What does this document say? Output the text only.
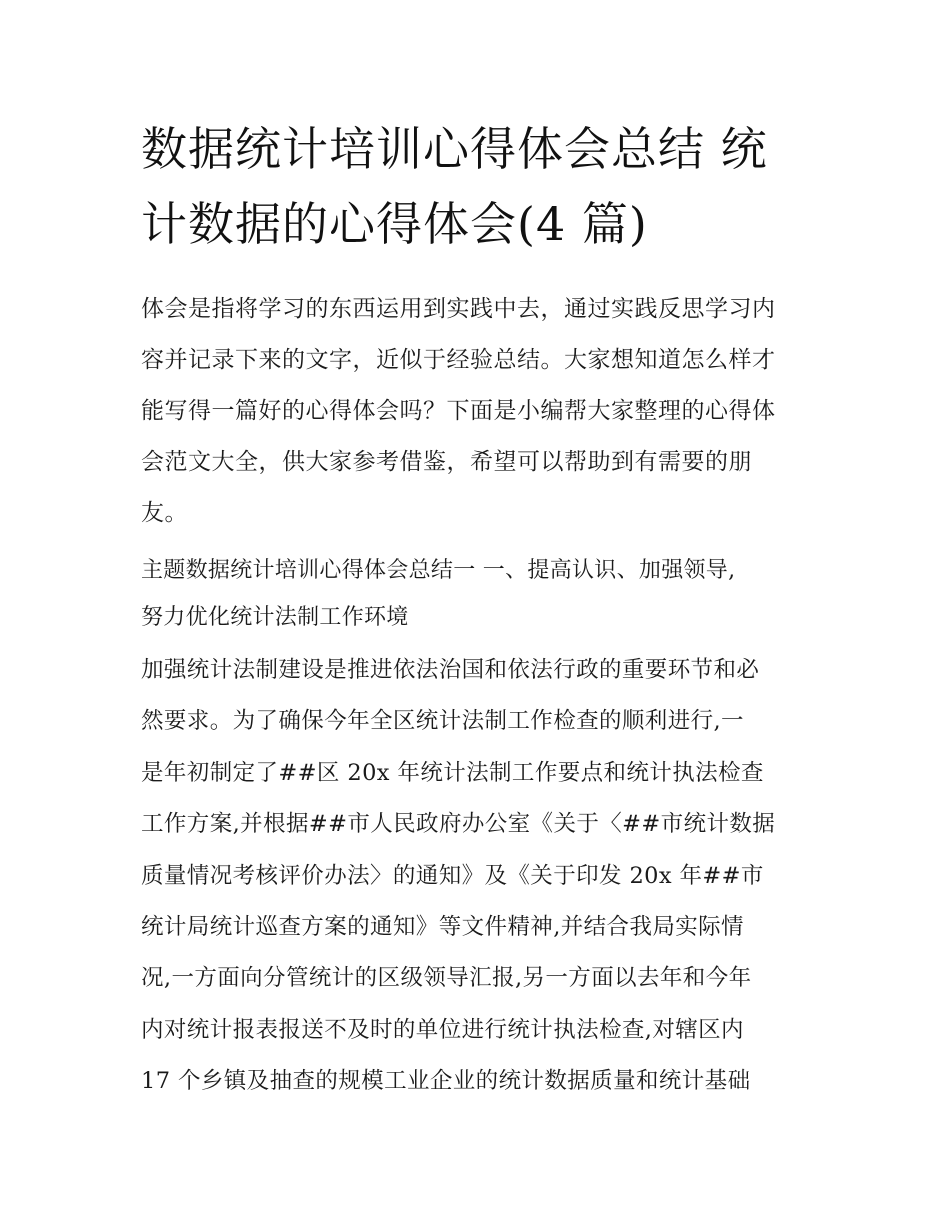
数据统计培训心得体会总结 统
计数据的心得体会(4 篇)

体会是指将学习的东西运用到实践中去，通过实践反思学习内
容并记录下来的文字，近似于经验总结。大家想知道怎么样才
能写得一篇好的心得体会吗？下面是小编帮大家整理的心得体
会范文大全，供大家参考借鉴，希望可以帮助到有需要的朋
友。

主题数据统计培训心得体会总结一 一、提高认识、加强领导,
努力优化统计法制工作环境

加强统计法制建设是推进依法治国和依法行政的重要环节和必
然要求。为了确保今年全区统计法制工作检查的顺利进行,一
是年初制定了##区 20x 年统计法制工作要点和统计执法检查
工作方案,并根据##市人民政府办公室《关于〈##市统计数据
质量情况考核评价办法〉的通知》及《关于印发 20x 年##市
统计局统计巡查方案的通知》等文件精神,并结合我局实际情
况,一方面向分管统计的区级领导汇报,另一方面以去年和今年
内对统计报表报送不及时的单位进行统计执法检查,对辖区内
17 个乡镇及抽查的规模工业企业的统计数据质量和统计基础
